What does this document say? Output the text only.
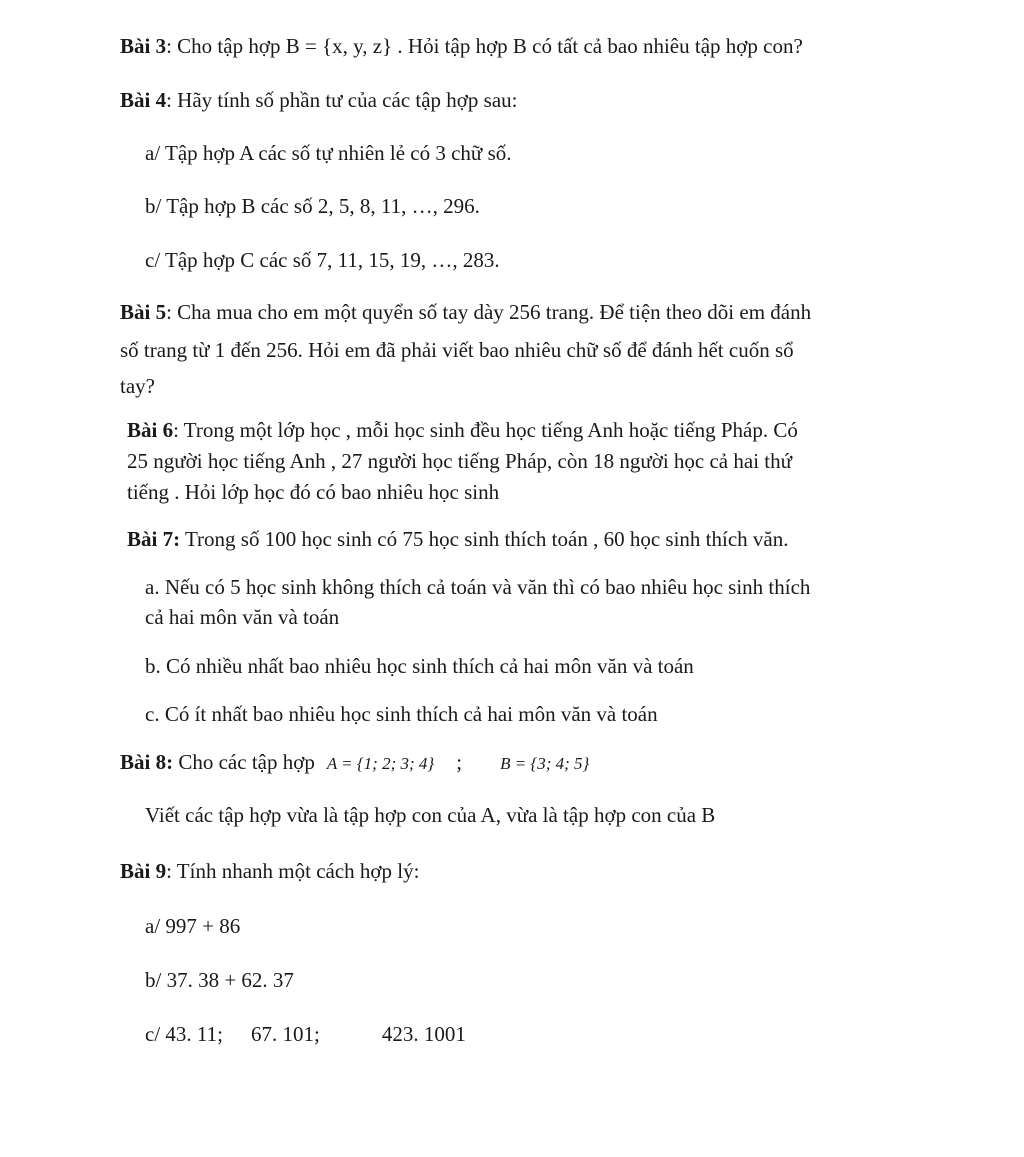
Bài 3: Cho tập hợp B = {x, y, z} . Hỏi tập hợp B có tất cả bao nhiêu tập hợp con?
Bài 4: Hãy tính số phần tư của các tập hợp sau:
a/ Tập hợp A các số tự nhiên lẻ có 3 chữ số.
b/ Tập hợp B các số 2, 5, 8, 11, …, 296.
c/ Tập hợp C các số 7, 11, 15, 19, …, 283.
Bài 5: Cha mua cho em một quyển số tay dày 256 trang. Để tiện theo dõi em đánh
số trang từ 1 đến 256. Hỏi em đã phải viết bao nhiêu chữ số để đánh hết cuốn sổ
tay?
Bài 6: Trong một lớp học , mỗi học sinh đều học tiếng Anh hoặc tiếng Pháp. Có
25 người học tiếng Anh , 27 người học tiếng Pháp, còn 18 người học cả hai thứ
tiếng . Hỏi lớp học đó có bao nhiêu học sinh
Bài 7: Trong số 100 học sinh có 75 học sinh thích toán , 60 học sinh thích văn.
a. Nếu có 5 học sinh không thích cả toán và văn thì có bao nhiêu học sinh thích
cả hai môn văn và toán
b. Có nhiều nhất bao nhiêu học sinh thích cả hai môn văn và toán
c. Có ít nhất bao nhiêu học sinh thích cả hai môn văn và toán
Bài 8: Cho các tập hợp A = {1; 2; 3; 4} ; B = {3; 4; 5}
Viết các tập hợp vừa là tập hợp con của A, vừa là tập hợp con của B
Bài 9: Tính nhanh một cách hợp lý:
a/ 997 + 86
b/ 37. 38 + 62. 37
c/ 43. 11; 67. 101;	423. 1001
